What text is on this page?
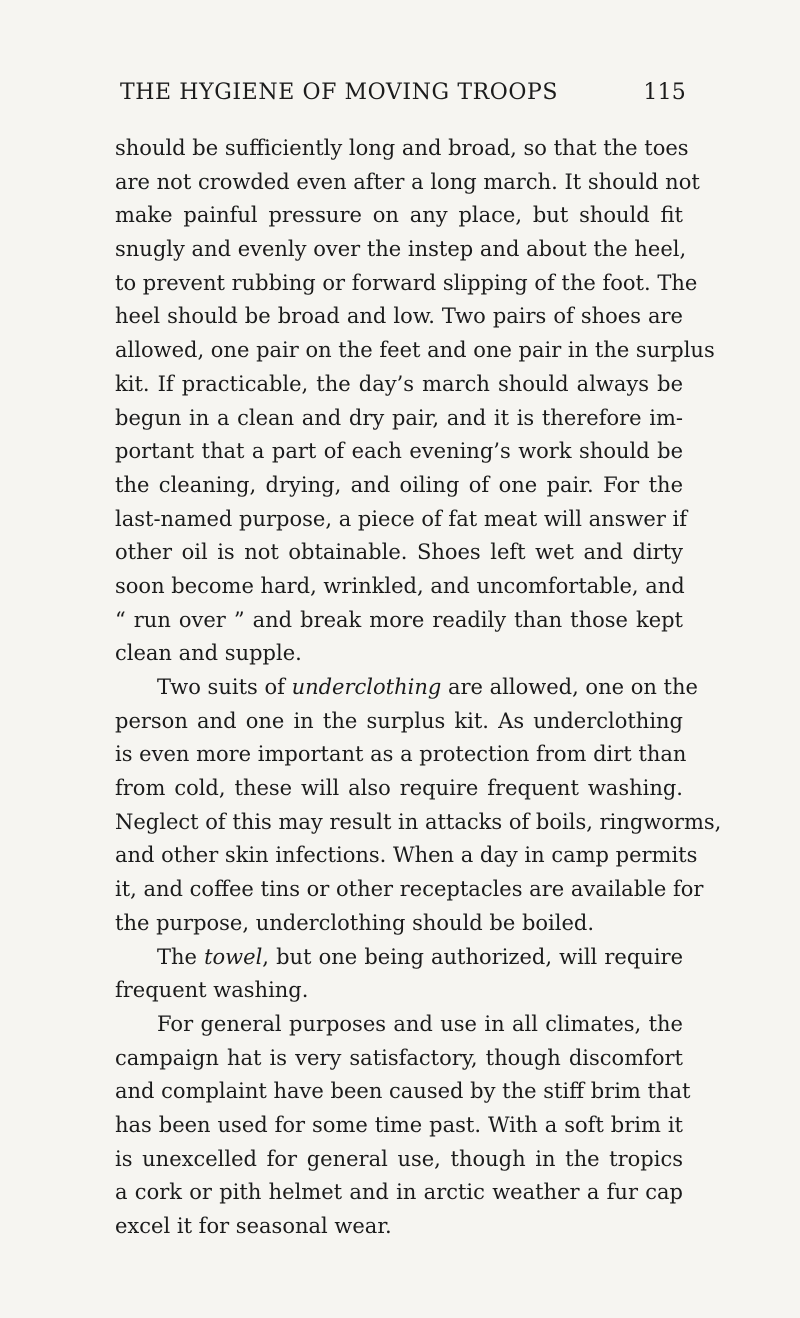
THE HYGIENE OF MOVING TROOPS	115
should be sufficiently long and broad, so that the toes
are not crowded even after a long march. It should not
make painful pressure on any place, but should fit
snugly and evenly over the instep and about the heel,
to prevent rubbing or forward slipping of the foot. The
heel should be broad and low. Two pairs of shoes are
allowed, one pair on the feet and one pair in the surplus
kit. If practicable, the day’s march should always be
begun in a clean and dry pair, and it is therefore im-
portant that a part of each evening’s work should be
the cleaning, drying, and oiling of one pair. For the
last-named purpose, a piece of fat meat will answer if
other oil is not obtainable. Shoes left wet and dirty
soon become hard, wrinkled, and uncomfortable, and
“ run over ” and break more readily than those kept
clean and supple.
Two suits of underclothing are allowed, one on the
person and one in the surplus kit. As underclothing
is even more important as a protection from dirt than
from cold, these will also require frequent washing.
Neglect of this may result in attacks of boils, ringworms,
and other skin infections. When a day in camp permits
it, and coffee tins or other receptacles are available for
the purpose, underclothing should be boiled.
The towel, but one being authorized, will require
frequent washing.
For general purposes and use in all climates, the
campaign hat is very satisfactory, though discomfort
and complaint have been caused by the stiff brim that
has been used for some time past. With a soft brim it
is unexcelled for general use, though in the tropics
a cork or pith helmet and in arctic weather a fur cap
excel it for seasonal wear.
